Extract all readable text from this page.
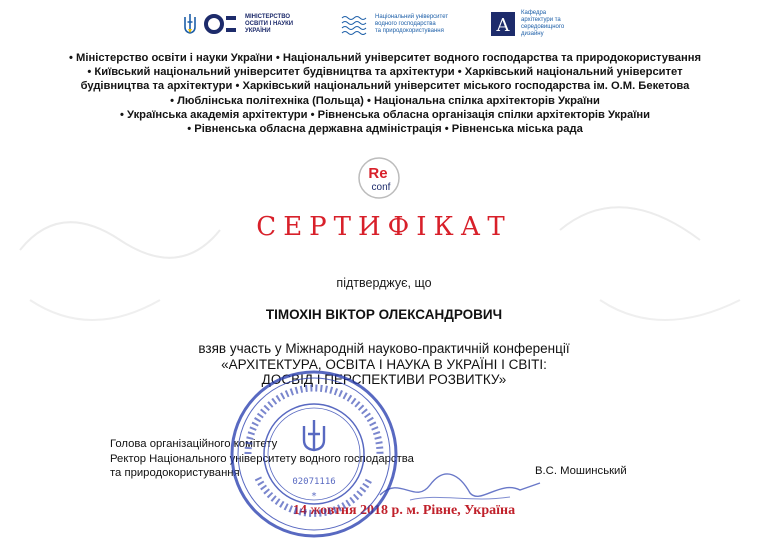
МІНІСТЕРСТВО
ОСВІТИ І НАУКИ
УКРАЇНИ
Національний університет
водного господарства
та природокористування	A
Кафедра
архітектури та
середовищного дизайну
• Міністерство освіти і науки України • Національний університет водного господарства та природокористування
• Київський національний університет будівництва та архітектури • Харківський національний університет
будівництва та архітектури • Харківський національний університет міського господарства ім. О.М. Бекетова
• Люблінська політехніка (Польща) • Національна спілка архітекторів України
• Українська академія архітектури • Рівненська обласна організація спілки архітекторів України
• Рівненська обласна державна адміністрація • Рівненська міська рада
Re
conf
СЕРТИФІКАТ
підтверджує, що
ТІМОХІН ВІКТОР ОЛЕКСАНДРОВИЧ
взяв участь у Міжнародній науково-практичній конференції
«АРХІТЕКТУРА, ОСВІТА І НАУКА В УКРАЇНІ І СВІТІ:
ДОСВІД І ПЕРСПЕКТИВИ РОЗВИТКУ»
Голова організаційного комітету
Ректор Національного університету водного господарства
та природокористування	В.С. Мошинський
14 жовтня 2018 р. м. Рівне, Україна
02071116
*
